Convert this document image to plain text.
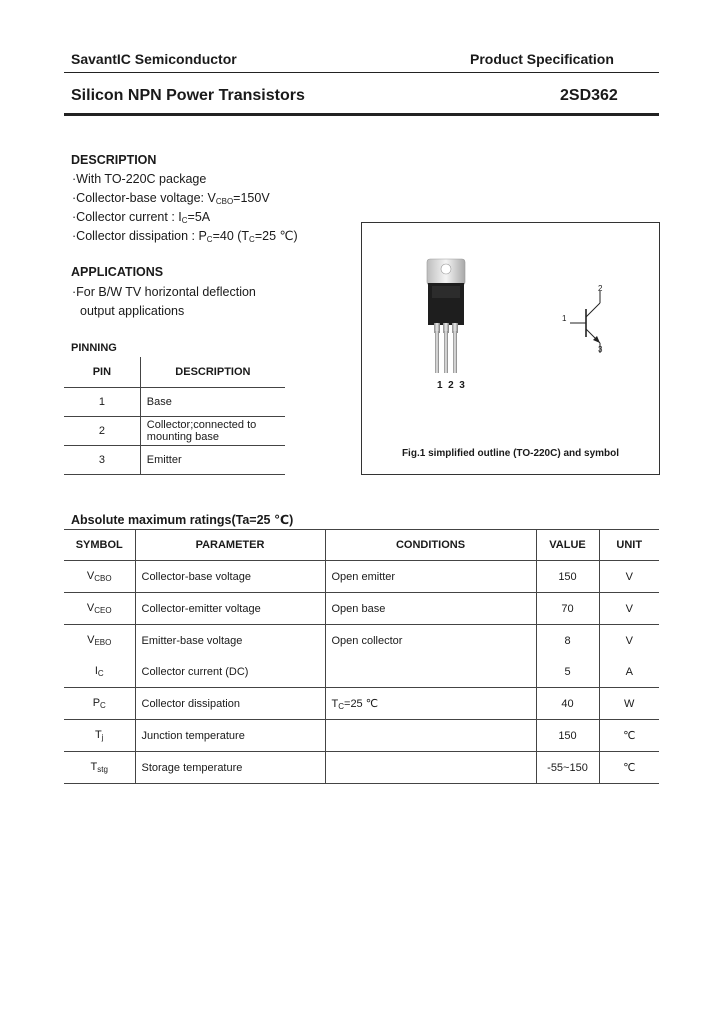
SavantIC Semiconductor	Product Specification
Silicon NPN Power Transistors	2SD362
DESCRIPTION
·With TO-220C package
·Collector-base voltage: $V_{CBO}=150V$
·Collector current : $I_C=5A$
·Collector dissipation : $P_C=40$ ($T_C=25$ ℃)
APPLICATIONS
·For B/W TV horizontal deflection
output applications
PINNING
PIN	DESCRIPTION
1	Base
2	Collector;connected to mounting base
3	Emitter
1  2  3
1
2
3
Fig.1 simplified outline (TO-220C) and symbol
Absolute maximum ratings(Ta=25 ℃)
SYMBOL	PARAMETER	CONDITIONS	VALUE	UNIT
$V_{CBO}$	Collector-base voltage	Open emitter	150	V
$V_{CEO}$	Collector-emitter voltage	Open base	70	V
$V_{EBO}$	Emitter-base voltage	Open collector	8	V
$I_C$	Collector current (DC)		5	A
$P_C$	Collector dissipation	$T_C=25$ ℃	40	W
$T_j$	Junction temperature		150	℃
$T_{stg}$	Storage temperature		-55~150	℃
